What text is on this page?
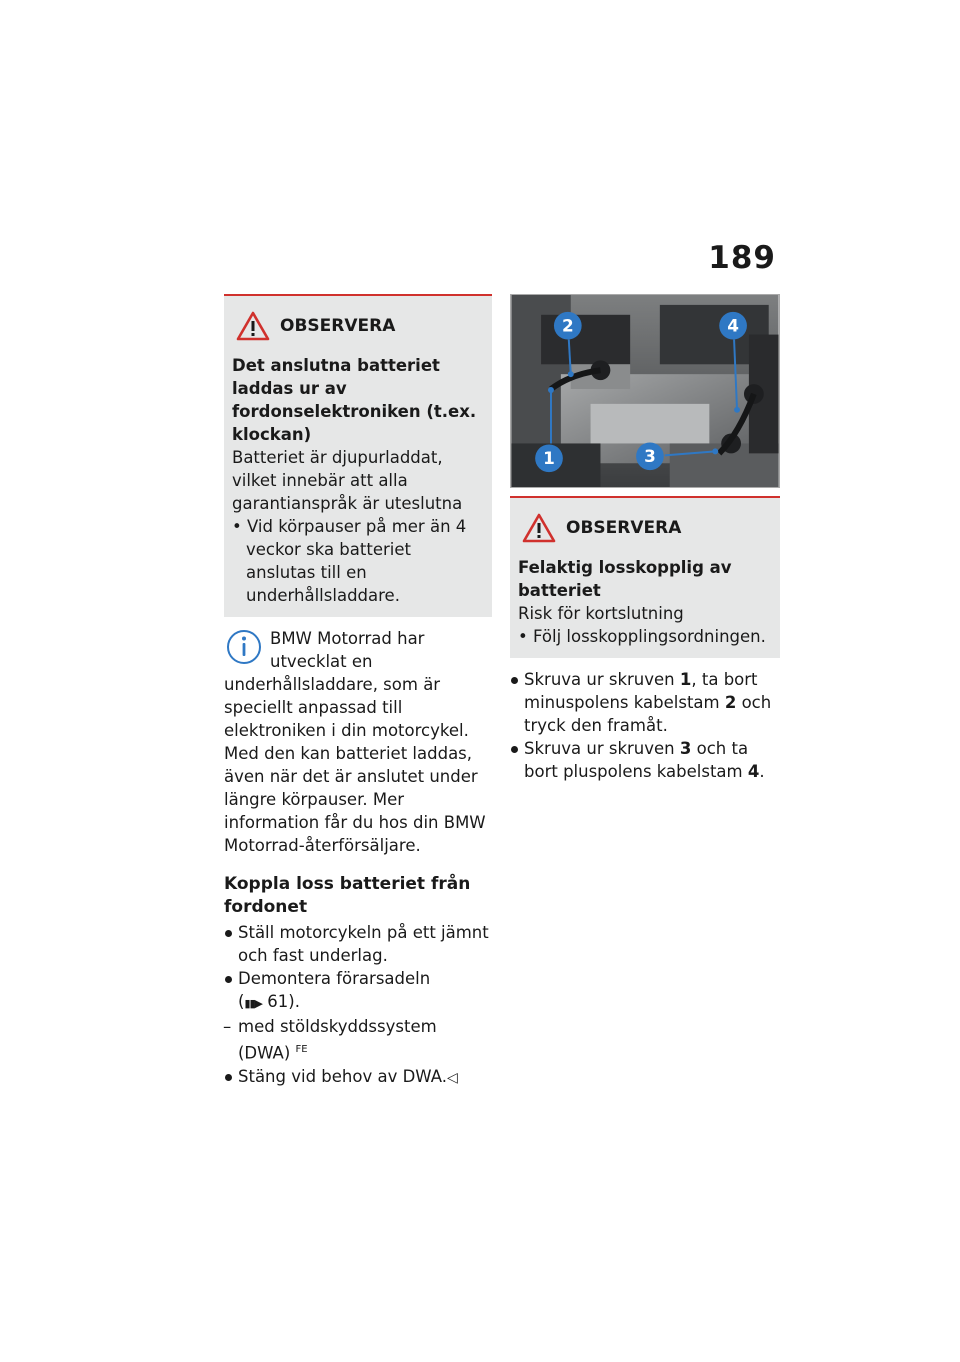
189
OBSERVERA
Det anslutna batteriet laddas ur av fordonselektroniken (t.ex. klockan)
Batteriet är djupurladdat, vilket innebär att alla garantianspråk är uteslutna
• Vid körpauser på mer än 4 veckor ska batteriet anslutas till en underhållsladdare.
BMW Motorrad har utvecklat en underhållsladdare, som är speciellt anpassad till elektroniken i din motorcykel. Med den kan batteriet laddas, även när det är anslutet under längre körpauser. Mer information får du hos din BMW Motorrad-återförsäljare.
Koppla loss batteriet från fordonet
Ställ motorcykeln på ett jämnt och fast underlag.
Demontera förarsadeln
(▮▮▶ 61).
– med stöldskyddssystem (DWA) $^{FE}$
Stäng vid behov av DWA.◁
1
2
3
4
OBSERVERA
Felaktig losskopplig av batteriet
Risk för kortslutning
• Följ losskopplingsordningen.
Skruva ur skruven 1, ta bort minuspolens kabelstam 2 och tryck den framåt.
Skruva ur skruven 3 och ta bort pluspolens kabelstam 4.
